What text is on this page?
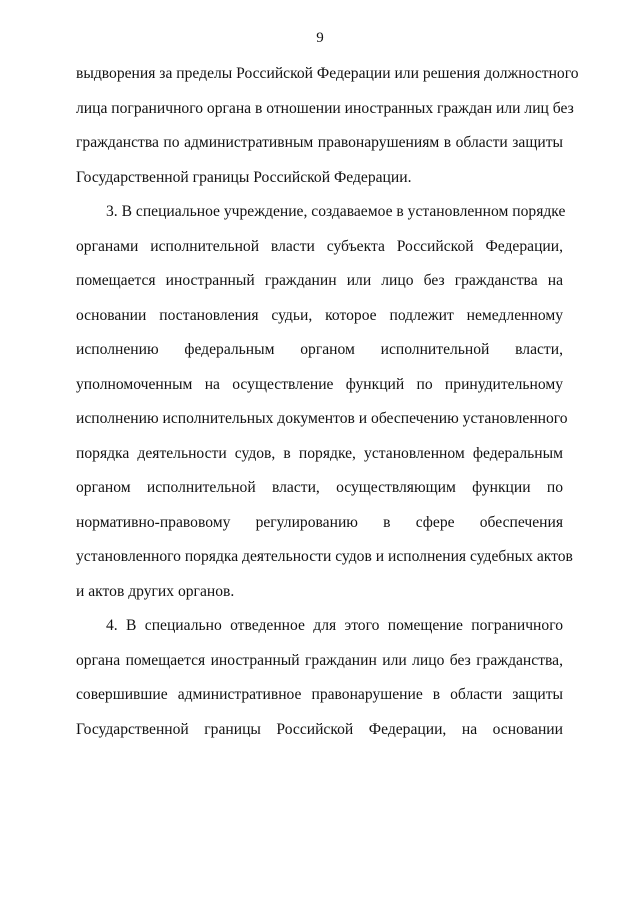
9
выдворения за пределы Российской Федерации или решения должностного
лица пограничного органа в отношении иностранных граждан или лиц без
гражданства по административным правонарушениям в области защиты
Государственной границы Российской Федерации.
3. В специальное учреждение, создаваемое в установленном порядке
органами исполнительной власти субъекта Российской Федерации,
помещается иностранный гражданин или лицо без гражданства на
основании постановления судьи, которое подлежит немедленному
исполнению федеральным органом исполнительной власти,
уполномоченным на осуществление функций по принудительному
исполнению исполнительных документов и обеспечению установленного
порядка деятельности судов, в порядке, установленном федеральным
органом исполнительной власти, осуществляющим функции по
нормативно-правовому регулированию в сфере обеспечения
установленного порядка деятельности судов и исполнения судебных актов
и актов других органов.
4. В специально отведенное для этого помещение пограничного
органа помещается иностранный гражданин или лицо без гражданства,
совершившие административное правонарушение в области защиты
Государственной границы Российской Федерации, на основании
